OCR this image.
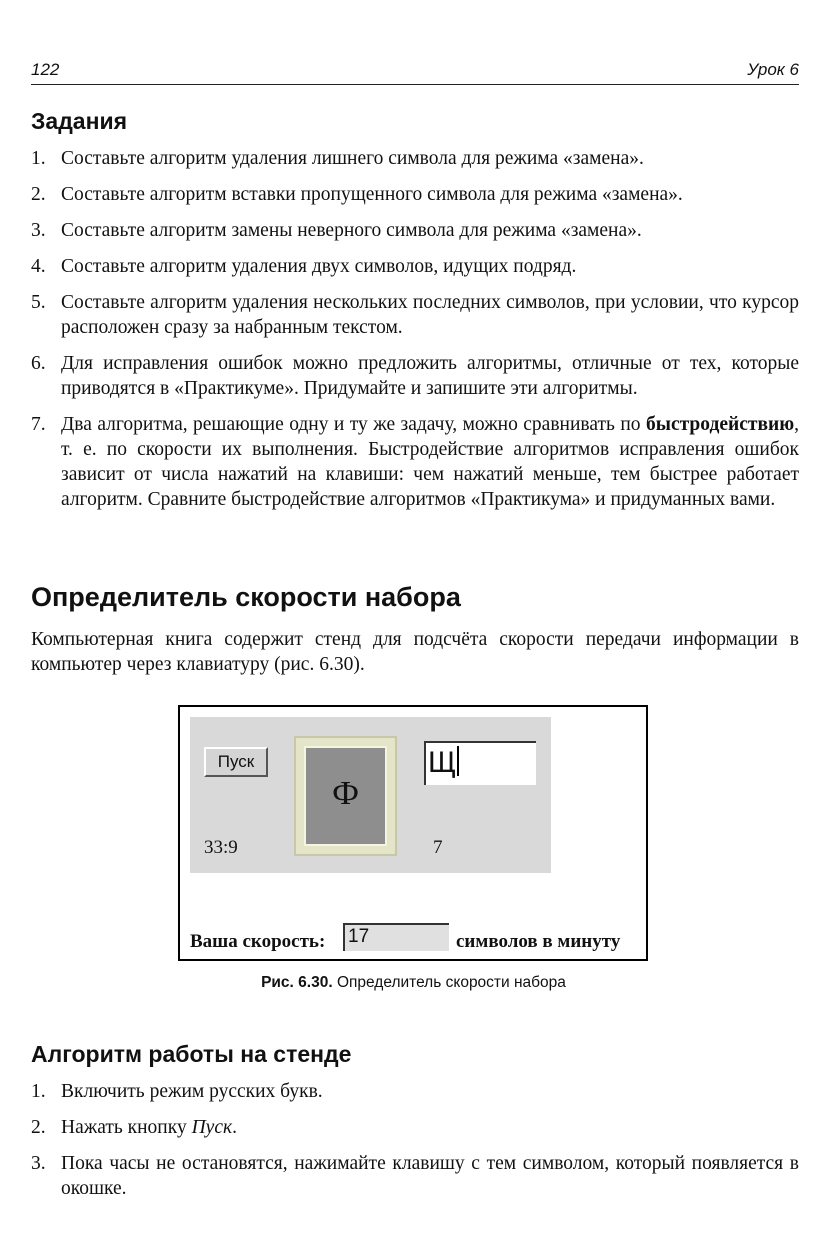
122	Урок 6
Задания
1. Составьте алгоритм удаления лишнего символа для режима «замена».
2. Составьте алгоритм вставки пропущенного символа для режима «замена».
3. Составьте алгоритм замены неверного символа для режима «замена».
4. Составьте алгоритм удаления двух символов, идущих подряд.
5. Составьте алгоритм удаления нескольких последних символов, при условии, что курсор расположен сразу за набранным текстом.
6. Для исправления ошибок можно предложить алгоритмы, отличные от тех, которые приводятся в «Практикуме». Придумайте и запишите эти алгоритмы.
7. Два алгоритма, решающие одну и ту же задачу, можно сравнивать по быстродействию, т. е. по скорости их выполнения. Быстродействие алгоритмов исправления ошибок зависит от числа нажатий на клавиши: чем нажатий меньше, тем быстрее работает алгоритм. Сравните быстродействие алгоритмов «Практикума» и придуманных вами.
Определитель скорости набора

Компьютерная книга содержит стенд для подсчёта скорости передачи информации в компьютер через клавиатуру (рис. 6.30).

Пуск
Ф
Щ
33:9	7
Ваша скорость: 17	символов в минуту
Рис. 6.30. Определитель скорости набора
Алгоритм работы на стенде
1. Включить режим русских букв.
2. Нажать кнопку Пуск.
3. Пока часы не остановятся, нажимайте клавишу с тем символом, который появляется в окошке.
